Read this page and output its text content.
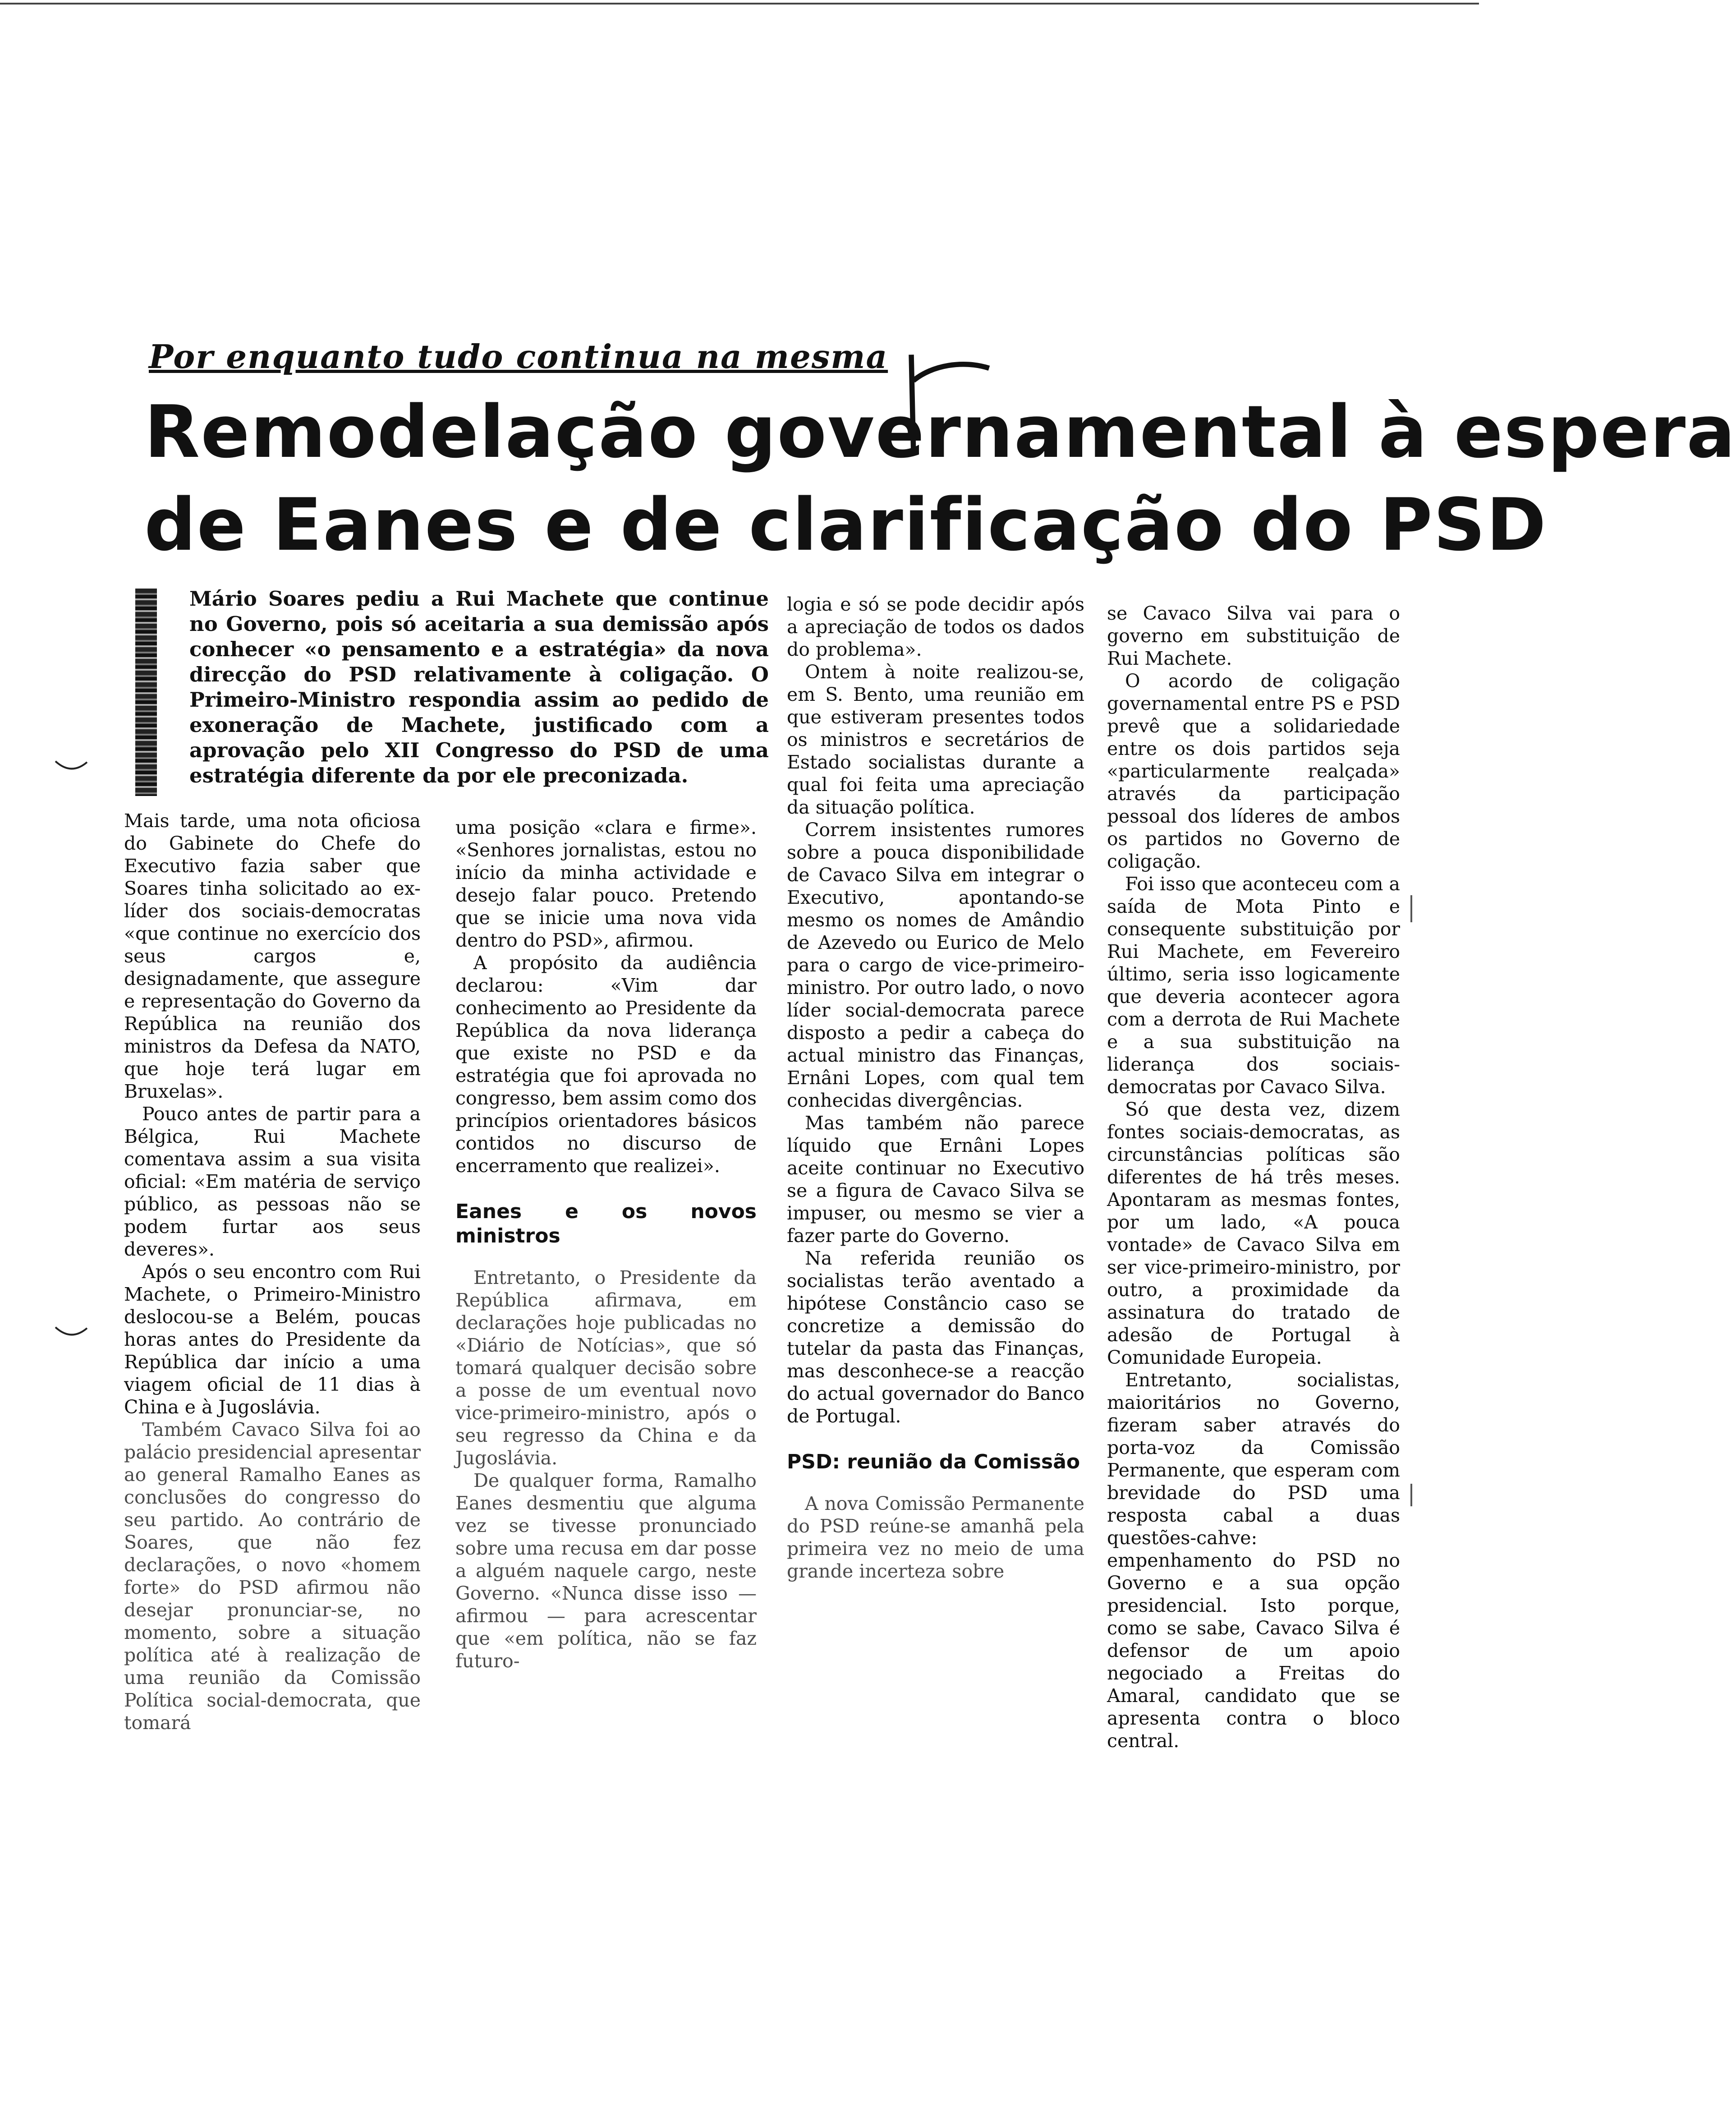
Por enquanto tudo continua na mesma
Remodelação governamental à espera
de Eanes e de clarificação do PSD
Mário Soares pediu a Rui Machete que continue no Governo, pois só aceitaria a sua demissão após conhecer «o pensamento e a estratégia» da nova direcção do PSD relativamente à coligação. O Primeiro-Ministro respondia assim ao pedido de exoneração de Machete, justificado com a aprovação pelo XII Congresso do PSD de uma estratégia diferente da por ele preconizada.

Mais tarde, uma nota oficiosa do Gabinete do Chefe do Executivo fazia saber que Soares tinha solicitado ao ex-líder dos sociais-democratas «que continue no exercício dos seus cargos e, designadamente, que assegure e representação do Governo da República na reunião dos ministros da Defesa da NATO, que hoje terá lugar em Bruxelas».

Pouco antes de partir para a Bélgica, Rui Machete comentava assim a sua visita oficial: «Em matéria de serviço público, as pessoas não se podem furtar aos seus deveres».

Após o seu encontro com Rui Machete, o Primeiro-Ministro deslocou-se a Belém, poucas horas antes do Presidente da República dar início a uma viagem oficial de 11 dias à China e à Jugoslávia.

Também Cavaco Silva foi ao palácio presidencial apresentar ao general Ramalho Eanes as conclusões do congresso do seu partido. Ao contrário de Soares, que não fez declarações, o novo «homem forte» do PSD afirmou não desejar pronunciar-se, no momento, sobre a situação política até à realização de uma reunião da Comissão Política social-democrata, que tomará

uma posição «clara e firme». «Senhores jornalistas, estou no início da minha actividade e desejo falar pouco. Pretendo que se inicie uma nova vida dentro do PSD», afirmou.

A propósito da audiência declarou: «Vim dar conhecimento ao Presidente da República da nova liderança que existe no PSD e da estratégia que foi aprovada no congresso, bem assim como dos princípios orientadores básicos contidos no discurso de encerramento que realizei».

Eanes e os novos ministros

Entretanto, o Presidente da República afirmava, em declarações hoje publicadas no «Diário de Notícias», que só tomará qualquer decisão sobre a posse de um eventual novo vice-primeiro-ministro, após o seu regresso da China e da Jugoslávia.

De qualquer forma, Ramalho Eanes desmentiu que alguma vez se tivesse pronunciado sobre uma recusa em dar posse a alguém naquele cargo, neste Governo. «Nunca disse isso — afirmou — para acrescentar que «em política, não se faz futuro-

logia e só se pode decidir após a apreciação de todos os dados do problema».

Ontem à noite realizou-se, em S. Bento, uma reunião em que estiveram presentes todos os ministros e secretários de Estado socialistas durante a qual foi feita uma apreciação da situação política.

Correm insistentes rumores sobre a pouca disponibilidade de Cavaco Silva em integrar o Executivo, apontando-se mesmo os nomes de Amândio de Azevedo ou Eurico de Melo para o cargo de vice-primeiro-ministro. Por outro lado, o novo líder social-democrata parece disposto a pedir a cabeça do actual ministro das Finanças, Ernâni Lopes, com qual tem conhecidas divergências.

Mas também não parece líquido que Ernâni Lopes aceite continuar no Executivo se a figura de Cavaco Silva se impuser, ou mesmo se vier a fazer parte do Governo.

Na referida reunião os socialistas terão aventado a hipótese Constâncio caso se concretize a demissão do tutelar da pasta das Finanças, mas desconhece-se a reacção do actual governador do Banco de Portugal.

PSD: reunião da Comissão

A nova Comissão Permanente do PSD reúne-se amanhã pela primeira vez no meio de uma grande incerteza sobre

se Cavaco Silva vai para o governo em substituição de Rui Machete.

O acordo de coligação governamental entre PS e PSD prevê que a solidariedade entre os dois partidos seja «particularmente realçada» através da participação pessoal dos líderes de ambos os partidos no Governo de coligação.

Foi isso que aconteceu com a saída de Mota Pinto e consequente substituição por Rui Machete, em Fevereiro último, seria isso logicamente que deveria acontecer agora com a derrota de Rui Machete e a sua substituição na liderança dos sociais-democratas por Cavaco Silva.

Só que desta vez, dizem fontes sociais-democratas, as circunstâncias políticas são diferentes de há três meses. Apontaram as mesmas fontes, por um lado, «A pouca vontade» de Cavaco Silva em ser vice-primeiro-ministro, por outro, a proximidade da assinatura do tratado de adesão de Portugal à Comunidade Europeia.

Entretanto, socialistas, maioritários no Governo, fizeram saber através do porta-voz da Comissão Permanente, que esperam com brevidade do PSD uma resposta cabal a duas questões-cahve: empenhamento do PSD no Governo e a sua opção presidencial. Isto porque, como se sabe, Cavaco Silva é defensor de um apoio negociado a Freitas do Amaral, candidato que se apresenta contra o bloco central.
